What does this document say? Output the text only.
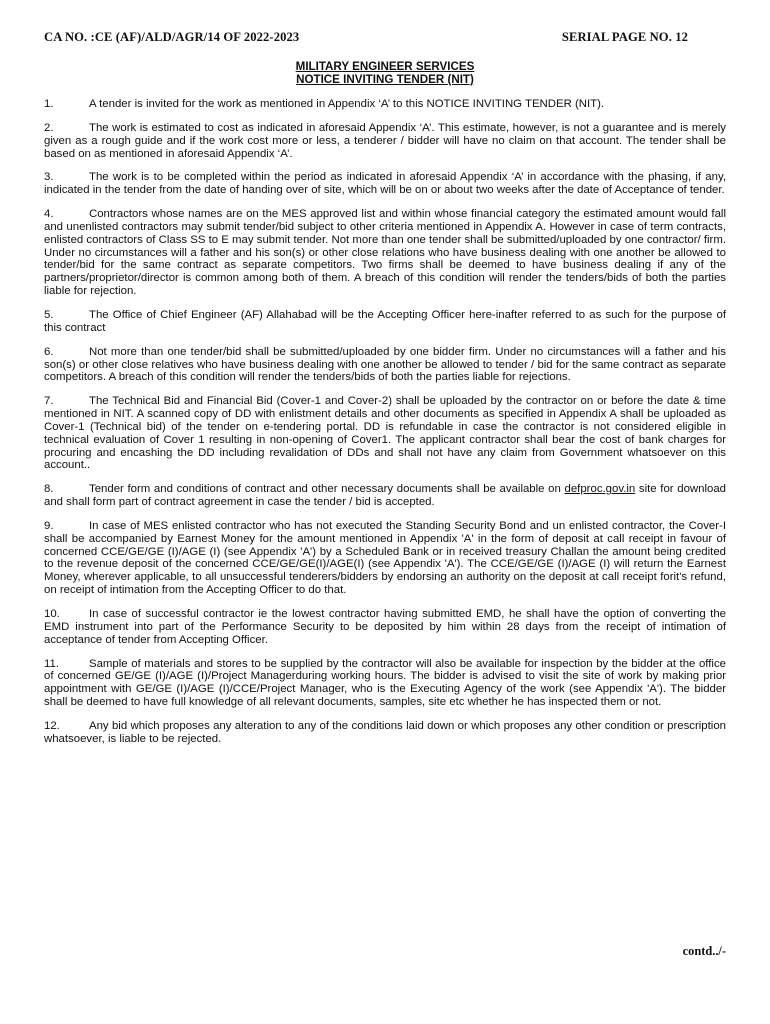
CA NO. :CE (AF)/ALD/AGR/14 OF 2022-2023	SERIAL PAGE NO. 12
MILITARY ENGINEER SERVICES
NOTICE INVITING TENDER (NIT)

1.	A tender is invited for the work as mentioned in Appendix ‘A’ to this NOTICE INVITING TENDER (NIT).

2.	The work is estimated to cost as indicated in aforesaid Appendix ‘A’. This estimate, however, is not a guarantee and is merely given as a rough guide and if the work cost more or less, a tenderer / bidder will have no claim on that account. The tender shall be based on as mentioned in aforesaid Appendix ‘A’.

3.	The work is to be completed within the period as indicated in aforesaid Appendix ‘A’ in accordance with the phasing, if any, indicated in the tender from the date of handing over of site, which will be on or about two weeks after the date of Acceptance of tender.

4.	Contractors whose names are on the MES approved list and within whose financial category the estimated amount would fall and unenlisted contractors may submit tender/bid subject to other criteria mentioned in Appendix A. However in case of term contracts, enlisted contractors of Class SS to E may submit tender. Not more than one tender shall be submitted/uploaded by one contractor/ firm. Under no circumstances will a father and his son(s) or other close relations who have business dealing with one another be allowed to tender/bid for the same contract as separate competitors. Two firms shall be deemed to have business dealing if any of the partners/proprietor/director is common among both of them. A breach of this condition will render the tenders/bids of both the parties liable for rejection.

5.	The Office of Chief Engineer (AF) Allahabad will be the Accepting Officer here-inafter referred to as such for the purpose of this contract

6.	Not more than one tender/bid shall be submitted/uploaded by one bidder firm. Under no circumstances will a father and his son(s) or other close relatives who have business dealing with one another be allowed to tender / bid for the same contract as separate competitors. A breach of this condition will render the tenders/bids of both the parties liable for rejections.

7.	The Technical Bid and Financial Bid (Cover-1 and Cover-2) shall be uploaded by the contractor on or before the date & time mentioned in NIT. A scanned copy of DD with enlistment details and other documents as specified in Appendix A shall be uploaded as Cover-1 (Technical bid) of the tender on e-tendering portal. DD is refundable in case the contractor is not considered eligible in technical evaluation of Cover 1 resulting in non-opening of Cover1. The applicant contractor shall bear the cost of bank charges for procuring and encashing the DD including revalidation of DDs and shall not have any claim from Government whatsoever on this account..

8.	Tender form and conditions of contract and other necessary documents shall be available on defproc.gov.in site for download and shall form part of contract agreement in case the tender / bid is accepted.

9.	In case of MES enlisted contractor who has not executed the Standing Security Bond and un enlisted contractor, the Cover-I shall be accompanied by Earnest Money for the amount mentioned in Appendix 'A' in the form of deposit at call receipt in favour of concerned CCE/GE/GE (I)/AGE (I) (see Appendix 'A') by a Scheduled Bank or in received treasury Challan the amount being credited to the revenue deposit of the concerned CCE/GE/GE(I)/AGE(I) (see Appendix 'A'). The CCE/GE/GE (I)/AGE (I) will return the Earnest Money, wherever applicable, to all unsuccessful tenderers/bidders by endorsing an authority on the deposit at call receipt forit's refund, on receipt of intimation from the Accepting Officer to do that.

10.	In case of successful contractor ie the lowest contractor having submitted EMD, he shall have the option of converting the EMD instrument into part of the Performance Security to be deposited by him within 28 days from the receipt of intimation of acceptance of tender from Accepting Officer.

11.	Sample of materials and stores to be supplied by the contractor will also be available for inspection by the bidder at the office of concerned GE/GE (I)/AGE (I)/Project Managerduring working hours. The bidder is advised to visit the site of work by making prior appointment with GE/GE (I)/AGE (I)/CCE/Project Manager, who is the Executing Agency of the work (see Appendix 'A'). The bidder shall be deemed to have full knowledge of all relevant documents, samples, site etc whether he has inspected them or not.

12.	Any bid which proposes any alteration to any of the conditions laid down or which proposes any other condition or prescription whatsoever, is liable to be rejected.

contd../-
